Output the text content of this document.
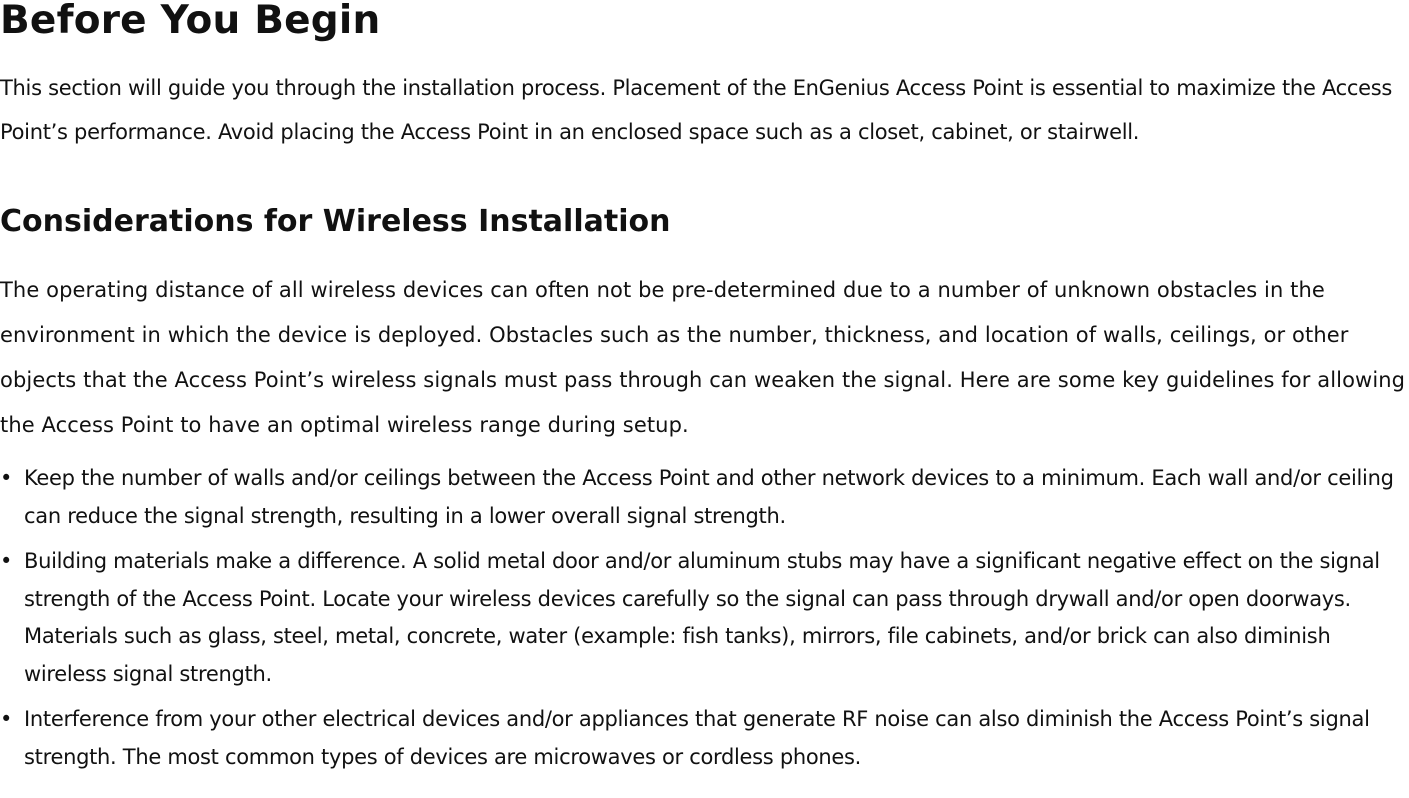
Before You Begin

This section will guide you through the installation process. Placement of the EnGenius Access Point is essential to maximize the Access Point’s performance. Avoid placing the Access Point in an enclosed space such as a closet, cabinet, or stairwell.

Considerations for Wireless Installation

The operating distance of all wireless devices can often not be pre-determined due to a number of unknown obstacles in the environment in which the device is deployed. Obstacles such as the number, thickness, and location of walls, ceilings, or other objects that the Access Point’s wireless signals must pass through can weaken the signal. Here are some key guidelines for allowing the Access Point to have an optimal wireless range during setup.

• Keep the number of walls and/or ceilings between the Access Point and other network devices to a minimum. Each wall and/or ceiling can reduce the signal strength, resulting in a lower overall signal strength.
• Building materials make a difference. A solid metal door and/or aluminum stubs may have a significant negative effect on the signal strength of the Access Point. Locate your wireless devices carefully so the signal can pass through drywall and/or open doorways. Materials such as glass, steel, metal, concrete, water (example: fish tanks), mirrors, file cabinets, and/or brick can also diminish wireless signal strength.
• Interference from your other electrical devices and/or appliances that generate RF noise can also diminish the Access Point’s signal strength. The most common types of devices are microwaves or cordless phones.
